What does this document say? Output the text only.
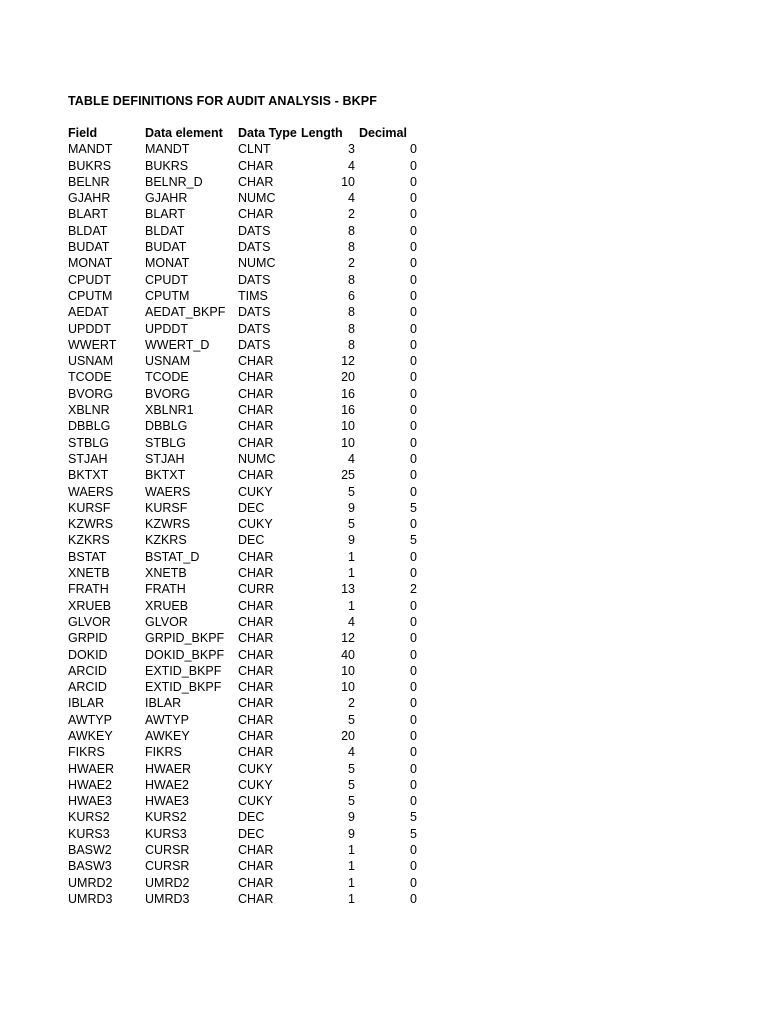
TABLE DEFINITIONS FOR AUDIT ANALYSIS - BKPF
Field	Data element Data Type Length Decimal
MANDT	MANDT	CLNT	3	0
BUKRS	BUKRS	CHAR	4	0
BELNR	BELNR_D	CHAR	10	0
GJAHR	GJAHR	NUMC	4	0
BLART	BLART	CHAR	2	0
BLDAT	BLDAT	DATS	8	0
BUDAT	BUDAT	DATS	8	0
MONAT	MONAT	NUMC	2	0
CPUDT	CPUDT	DATS	8	0
CPUTM	CPUTM	TIMS	6	0
AEDAT	AEDAT_BKPF DATS	8	0
UPDDT	UPDDT	DATS	8	0
WWERT WWERT_D DATS	8	0
USNAM	USNAM	CHAR	12	0
TCODE	TCODE	CHAR	20	0
BVORG	BVORG	CHAR	16	0
XBLNR	XBLNR1	CHAR	16	0
DBBLG	DBBLG	CHAR	10	0
STBLG	STBLG	CHAR	10	0
STJAH	STJAH	NUMC	4	0
BKTXT	BKTXT	CHAR	25	0
WAERS	WAERS	CUKY	5	0
KURSF	KURSF	DEC	9	5
KZWRS	KZWRS	CUKY	5	0
KZKRS	KZKRS	DEC	9	5
BSTAT	BSTAT_D	CHAR	1	0
XNETB	XNETB	CHAR	1	0
FRATH	FRATH	CURR	13	2
XRUEB	XRUEB	CHAR	1	0
GLVOR	GLVOR	CHAR	4	0
GRPID	GRPID_BKPF CHAR	12	0
DOKID	DOKID_BKPF CHAR	40	0
ARCID	EXTID_BKPF CHAR	10	0
ARCID	EXTID_BKPF CHAR	10	0
IBLAR	IBLAR	CHAR	2	0
AWTYP	AWTYP	CHAR	5	0
AWKEY	AWKEY	CHAR	20	0
FIKRS	FIKRS	CHAR	4	0
HWAER HWAER	CUKY	5	0
HWAE2	HWAE2	CUKY	5	0
HWAE3	HWAE3	CUKY	5	0
KURS2	KURS2	DEC	9	5
KURS3	KURS3	DEC	9	5
BASW2	CURSR	CHAR	1	0
BASW3	CURSR	CHAR	1	0
UMRD2	UMRD2	CHAR	1	0
UMRD3	UMRD3	CHAR	1	0
